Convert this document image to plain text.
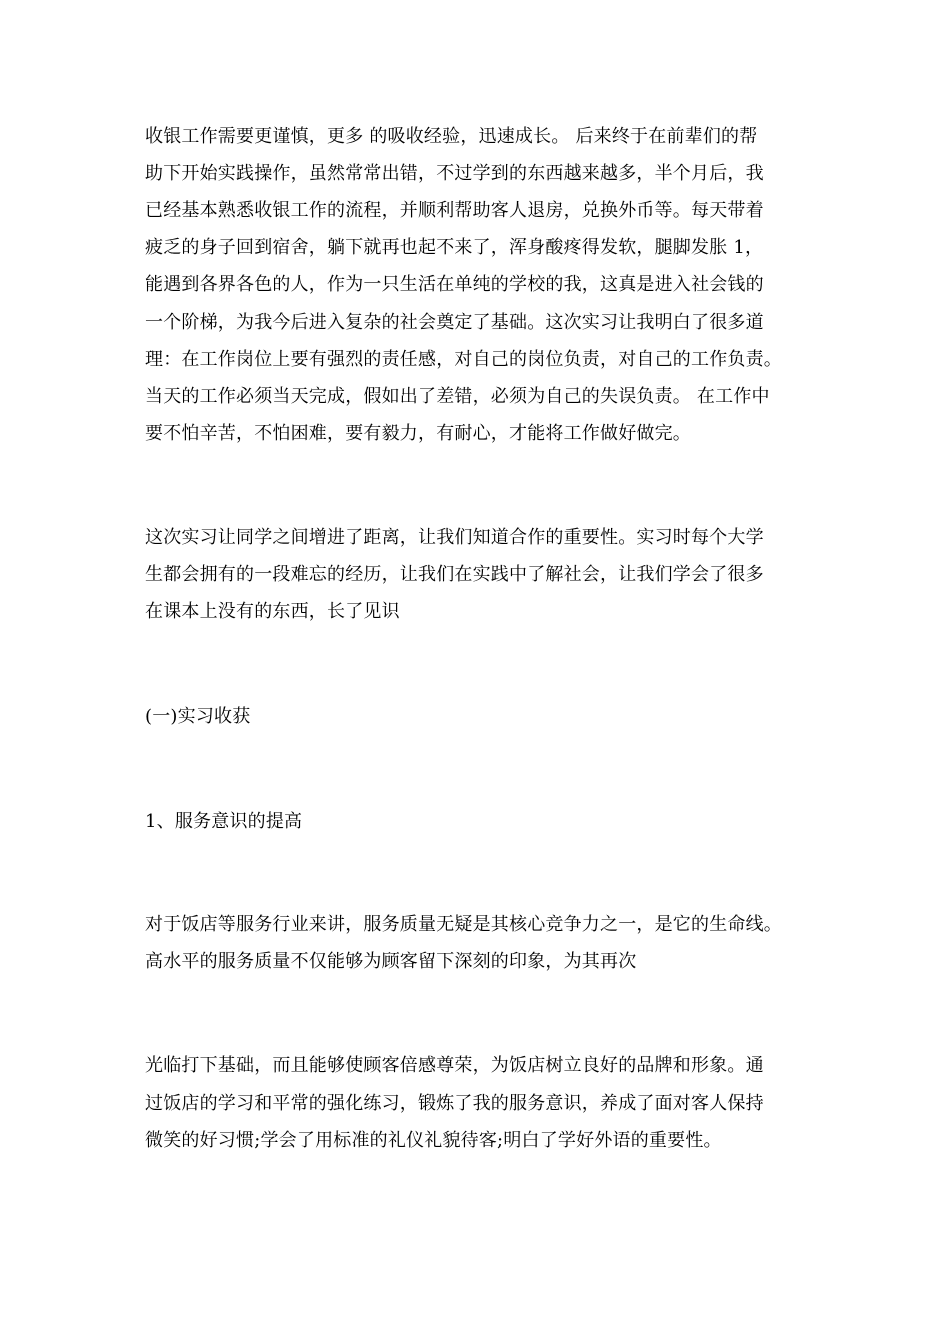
收银工作需要更谨慎，更多 的吸收经验，迅速成长。 后来终于在前辈们的帮
助下开始实践操作，虽然常常出错，不过学到的东西越来越多，半个月后，我
已经基本熟悉收银工作的流程，并顺利帮助客人退房，兑换外币等。每天带着
疲乏的身子回到宿舍，躺下就再也起不来了，浑身酸疼得发软，腿脚发胀 1，
能遇到各界各色的人，作为一只生活在单纯的学校的我，这真是进入社会钱的
一个阶梯，为我今后进入复杂的社会奠定了基础。这次实习让我明白了很多道
理：在工作岗位上要有强烈的责任感，对自己的岗位负责，对自己的工作负责。
当天的工作必须当天完成，假如出了差错，必须为自己的失误负责。 在工作中
要不怕辛苦，不怕困难，要有毅力，有耐心，才能将工作做好做完。
这次实习让同学之间增进了距离，让我们知道合作的重要性。实习时每个大学
生都会拥有的一段难忘的经历，让我们在实践中了解社会，让我们学会了很多
在课本上没有的东西，长了见识
(一)实习收获
1、服务意识的提高
对于饭店等服务行业来讲，服务质量无疑是其核心竞争力之一，是它的生命线。
高水平的服务质量不仅能够为顾客留下深刻的印象，为其再次
光临打下基础，而且能够使顾客倍感尊荣，为饭店树立良好的品牌和形象。通
过饭店的学习和平常的强化练习，锻炼了我的服务意识，养成了面对客人保持
微笑的好习惯;学会了用标准的礼仪礼貌待客;明白了学好外语的重要性。
